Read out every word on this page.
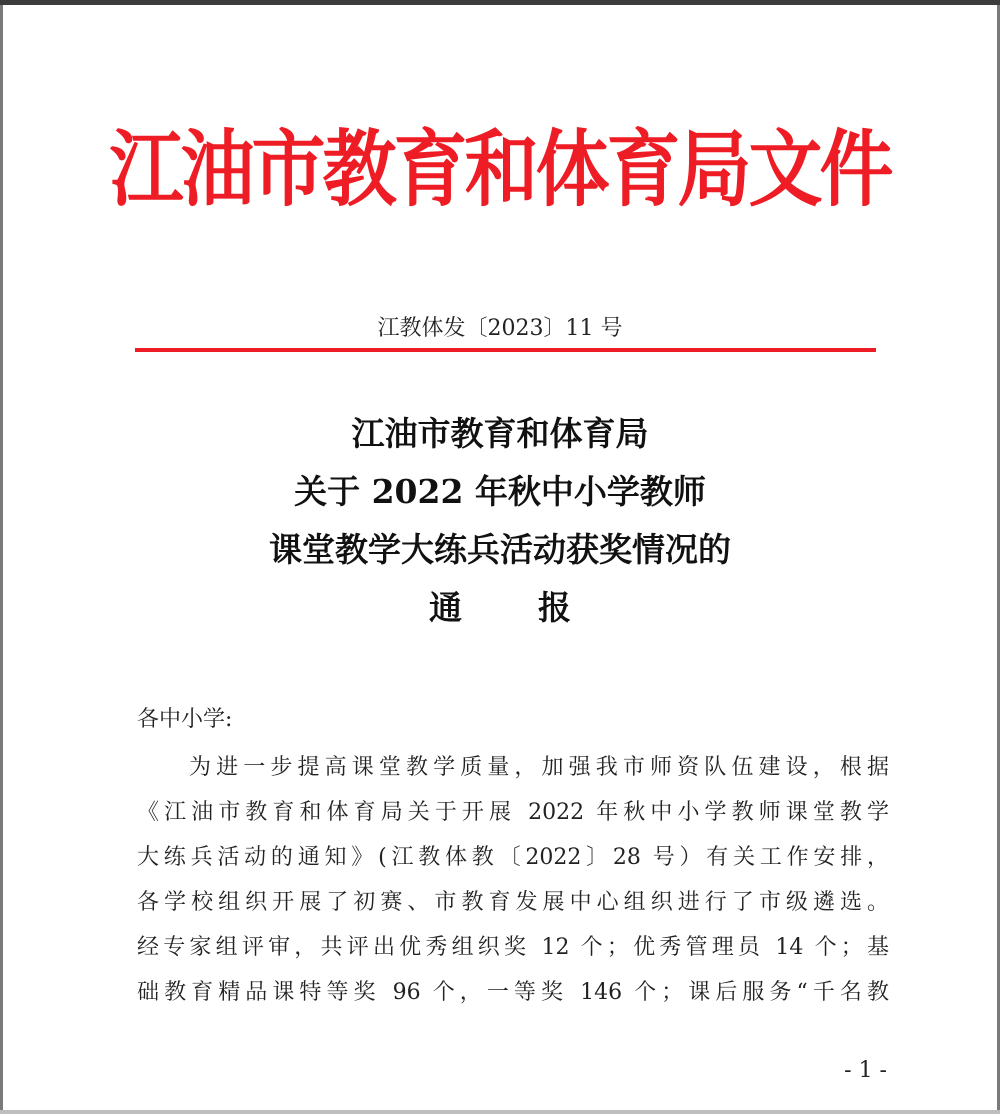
江油市教育和体育局文件
江教体发〔2023〕11 号
江油市教育和体育局
关于 2022 年秋中小学教师
课堂教学大练兵活动获奖情况的
通 报
各中小学:
为进一步提高课堂教学质量，加强我市师资队伍建设，根据
《江油市教育和体育局关于开展 2022 年秋中小学教师课堂教学
大练兵活动的通知》(江教体教〔2022〕28 号）有关工作安排，
各学校组织开展了初赛、市教育发展中心组织进行了市级遴选。
经专家组评审，共评出优秀组织奖 12 个；优秀管理员 14 个；基
础教育精品课特等奖 96 个，一等奖 146 个；课后服务“千名教
- 1 -
